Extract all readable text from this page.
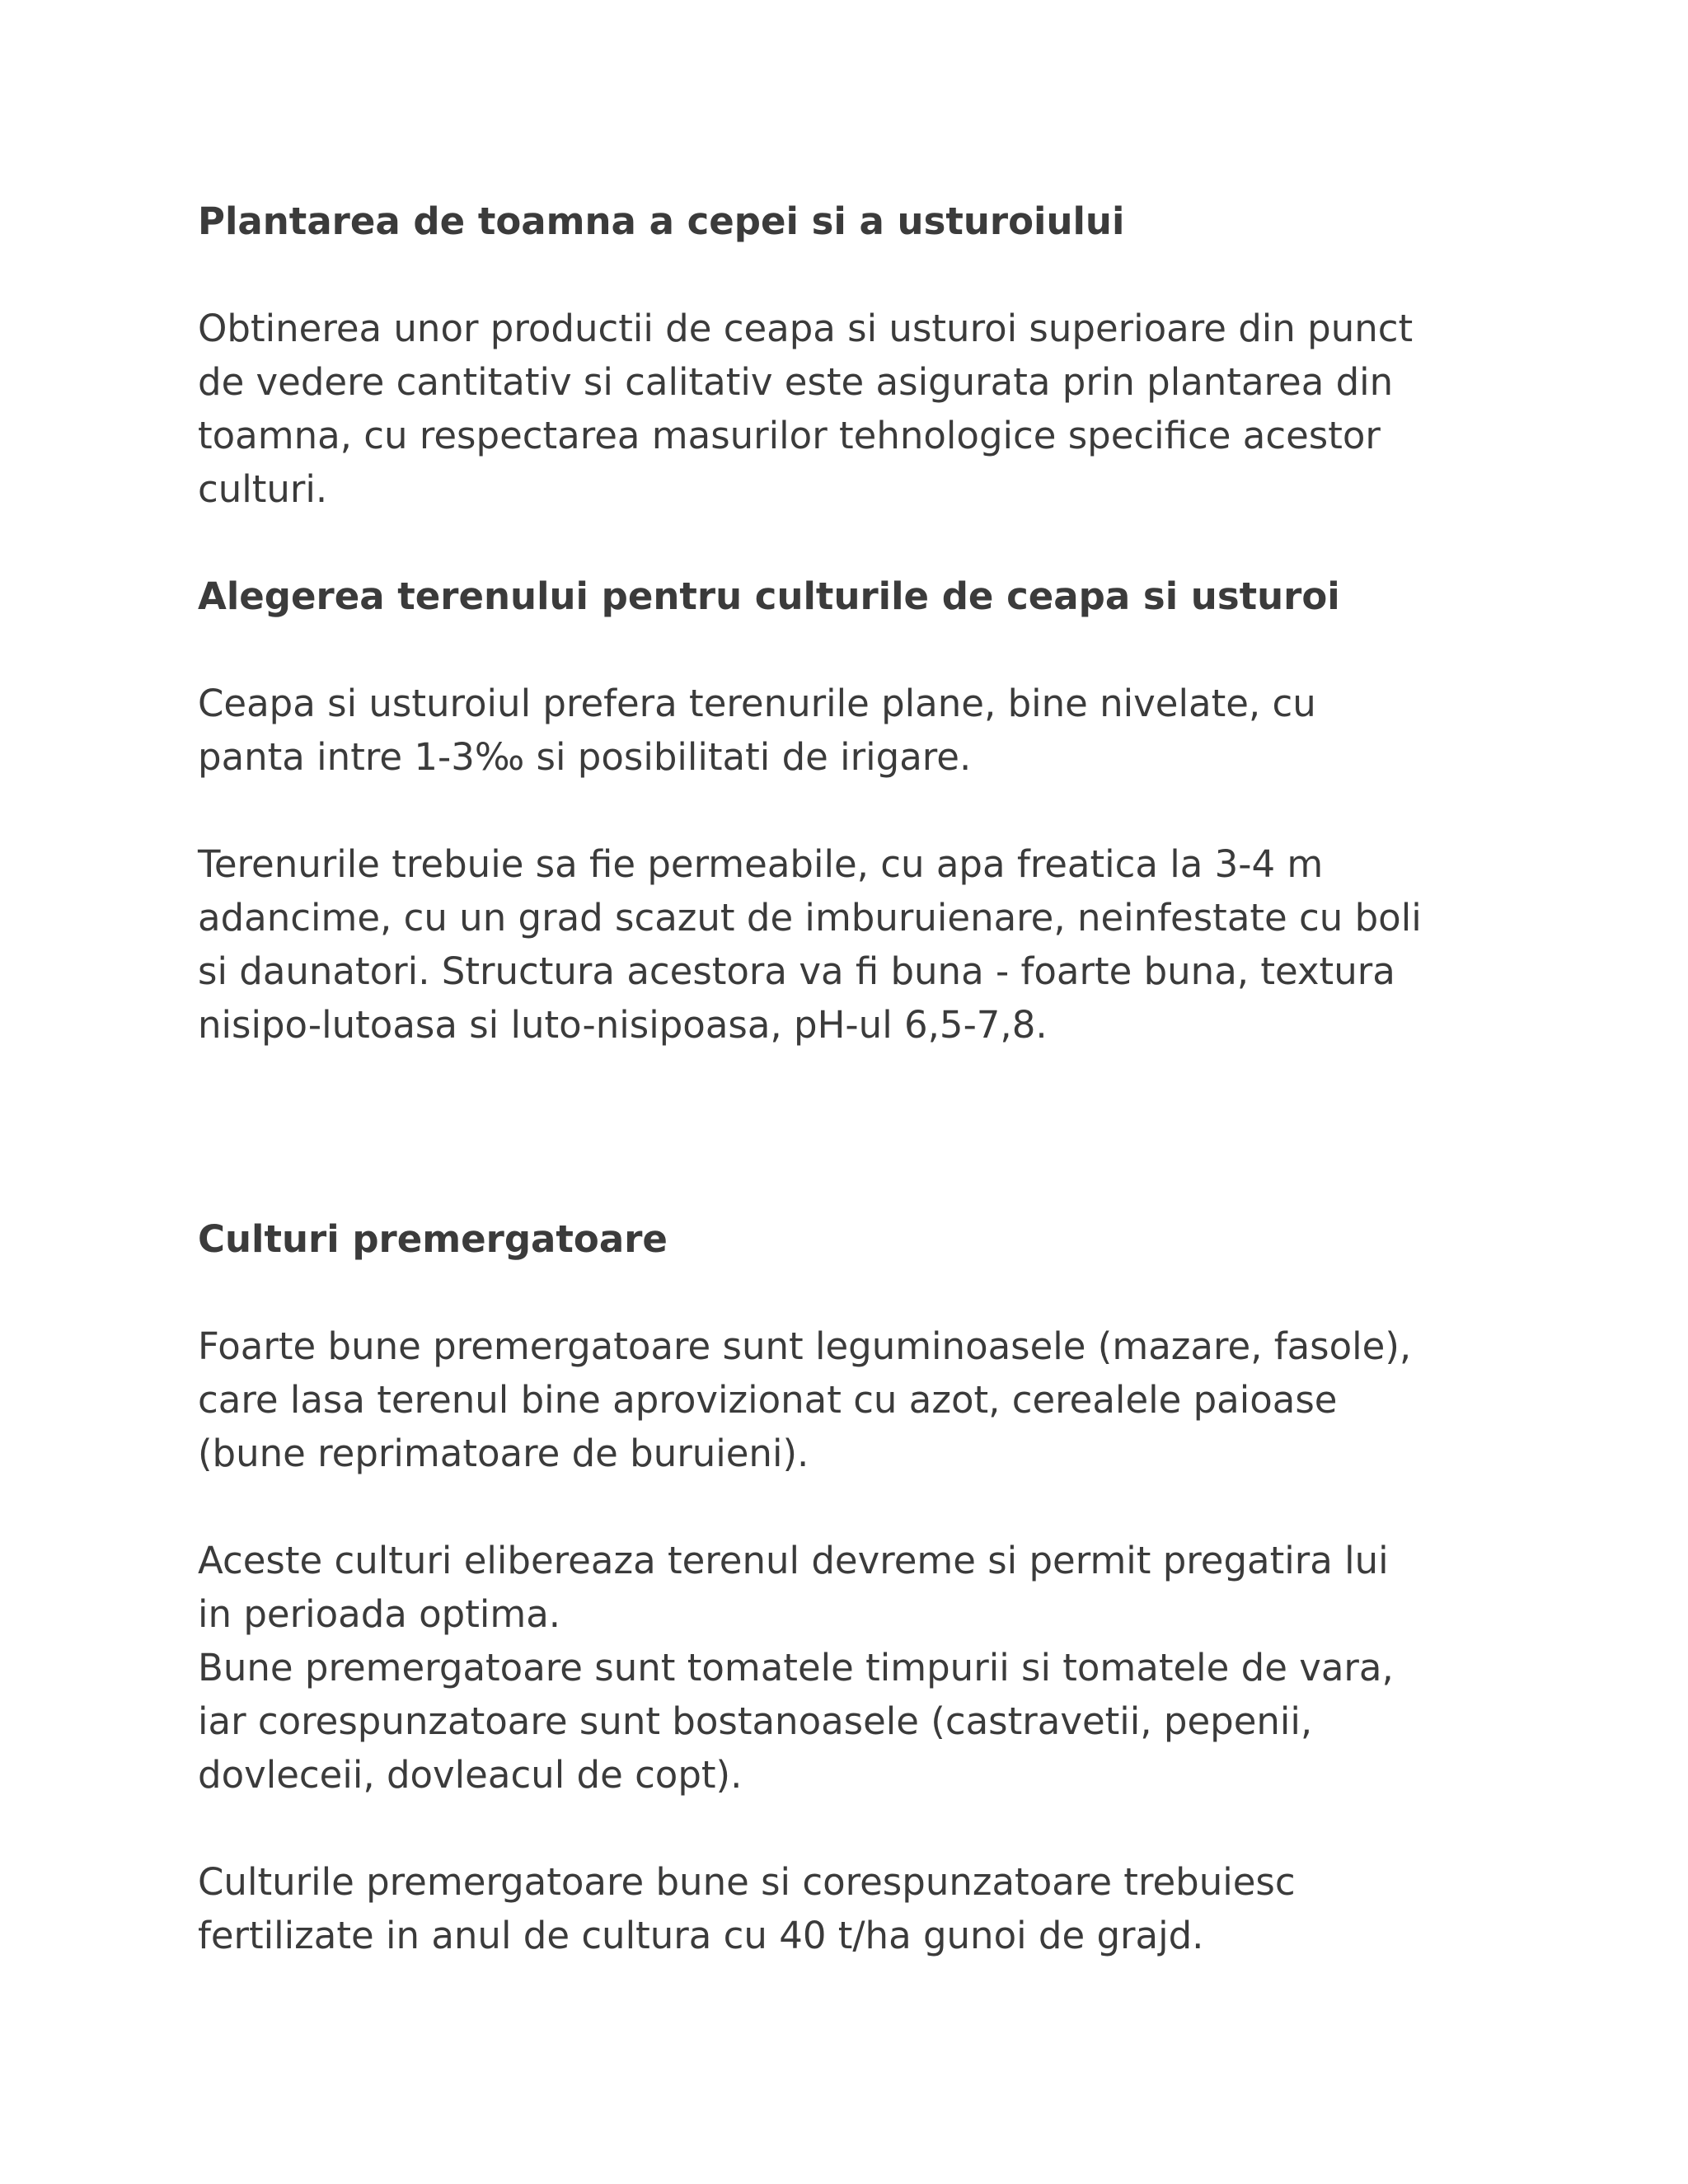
Plantarea de toamna a cepei si a usturoiului

Obtinerea unor productii de ceapa si usturoi superioare din punct
de vedere cantitativ si calitativ este asigurata prin plantarea din
toamna, cu respectarea masurilor tehnologice specifice acestor
culturi.

Alegerea terenului pentru culturile de ceapa si usturoi

Ceapa si usturoiul prefera terenurile plane, bine nivelate, cu
panta intre 1-3‰ si posibilitati de irigare.

Terenurile trebuie sa fie permeabile, cu apa freatica la 3-4 m
adancime, cu un grad scazut de imburuienare, neinfestate cu boli
si daunatori. Structura acestora va fi buna - foarte buna, textura
nisipo-lutoasa si luto-nisipoasa, pH-ul 6,5-7,8.

Culturi premergatoare

Foarte bune premergatoare sunt leguminoasele (mazare, fasole),
care lasa terenul bine aprovizionat cu azot, cerealele paioase
(bune reprimatoare de buruieni).

Aceste culturi elibereaza terenul devreme si permit pregatira lui
in perioada optima.
Bune premergatoare sunt tomatele timpurii si tomatele de vara,
iar corespunzatoare sunt bostanoasele (castravetii, pepenii,
dovleceii, dovleacul de copt).

Culturile premergatoare bune si corespunzatoare trebuiesc
fertilizate in anul de cultura cu 40 t/ha gunoi de grajd.
